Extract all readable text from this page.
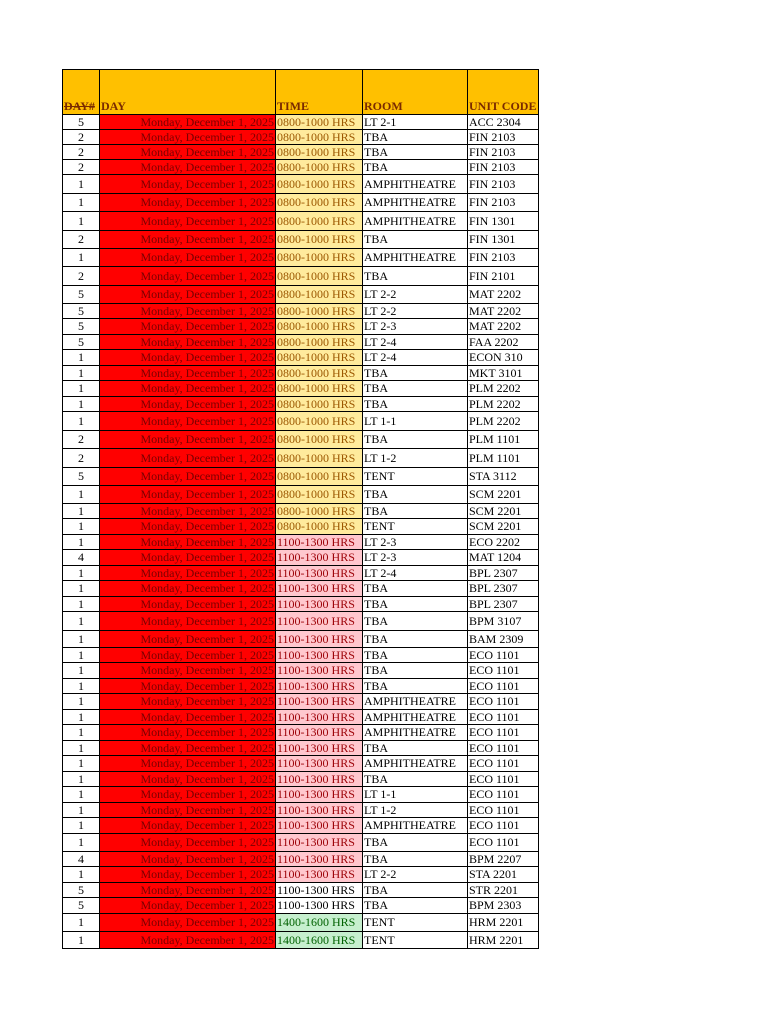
DAY#	DAY	TIME	ROOM	UNIT CODE
5	Monday, December 1, 2025	0800-1000 HRS	LT 2-1	ACC 2304
2	Monday, December 1, 2025	0800-1000 HRS	TBA	FIN 2103
2	Monday, December 1, 2025	0800-1000 HRS	TBA	FIN 2103
2	Monday, December 1, 2025	0800-1000 HRS	TBA	FIN 2103
1	Monday, December 1, 2025	0800-1000 HRS	AMPHITHEATRE	FIN 2103
1	Monday, December 1, 2025	0800-1000 HRS	AMPHITHEATRE	FIN 2103
1	Monday, December 1, 2025	0800-1000 HRS	AMPHITHEATRE	FIN 1301
2	Monday, December 1, 2025	0800-1000 HRS	TBA	FIN 1301
1	Monday, December 1, 2025	0800-1000 HRS	AMPHITHEATRE	FIN 2103
2	Monday, December 1, 2025	0800-1000 HRS	TBA	FIN 2101
5	Monday, December 1, 2025	0800-1000 HRS	LT 2-2	MAT 2202
5	Monday, December 1, 2025	0800-1000 HRS	LT 2-2	MAT 2202
5	Monday, December 1, 2025	0800-1000 HRS	LT 2-3	MAT 2202
5	Monday, December 1, 2025	0800-1000 HRS	LT 2-4	FAA 2202
1	Monday, December 1, 2025	0800-1000 HRS	LT 2-4	ECON 310
1	Monday, December 1, 2025	0800-1000 HRS	TBA	MKT 3101
1	Monday, December 1, 2025	0800-1000 HRS	TBA	PLM 2202
1	Monday, December 1, 2025	0800-1000 HRS	TBA	PLM 2202
1	Monday, December 1, 2025	0800-1000 HRS	LT 1-1	PLM 2202
2	Monday, December 1, 2025	0800-1000 HRS	TBA	PLM 1101
2	Monday, December 1, 2025	0800-1000 HRS	LT 1-2	PLM 1101
5	Monday, December 1, 2025	0800-1000 HRS	TENT	STA 3112
1	Monday, December 1, 2025	0800-1000 HRS	TBA	SCM 2201
1	Monday, December 1, 2025	0800-1000 HRS	TBA	SCM 2201
1	Monday, December 1, 2025	0800-1000 HRS	TENT	SCM 2201
1	Monday, December 1, 2025	1100-1300 HRS	LT 2-3	ECO 2202
4	Monday, December 1, 2025	1100-1300 HRS	LT 2-3	MAT 1204
1	Monday, December 1, 2025	1100-1300 HRS	LT 2-4	BPL 2307
1	Monday, December 1, 2025	1100-1300 HRS	TBA	BPL 2307
1	Monday, December 1, 2025	1100-1300 HRS	TBA	BPL 2307
1	Monday, December 1, 2025	1100-1300 HRS	TBA	BPM 3107
1	Monday, December 1, 2025	1100-1300 HRS	TBA	BAM 2309
1	Monday, December 1, 2025	1100-1300 HRS	TBA	ECO 1101
1	Monday, December 1, 2025	1100-1300 HRS	TBA	ECO 1101
1	Monday, December 1, 2025	1100-1300 HRS	TBA	ECO 1101
1	Monday, December 1, 2025	1100-1300 HRS	AMPHITHEATRE	ECO 1101
1	Monday, December 1, 2025	1100-1300 HRS	AMPHITHEATRE	ECO 1101
1	Monday, December 1, 2025	1100-1300 HRS	AMPHITHEATRE	ECO 1101
1	Monday, December 1, 2025	1100-1300 HRS	TBA	ECO 1101
1	Monday, December 1, 2025	1100-1300 HRS	AMPHITHEATRE	ECO 1101
1	Monday, December 1, 2025	1100-1300 HRS	TBA	ECO 1101
1	Monday, December 1, 2025	1100-1300 HRS	LT 1-1	ECO 1101
1	Monday, December 1, 2025	1100-1300 HRS	LT 1-2	ECO 1101
1	Monday, December 1, 2025	1100-1300 HRS	AMPHITHEATRE	ECO 1101
1	Monday, December 1, 2025	1100-1300 HRS	TBA	ECO 1101
4	Monday, December 1, 2025	1100-1300 HRS	TBA	BPM 2207
1	Monday, December 1, 2025	1100-1300 HRS	LT 2-2	STA 2201
5	Monday, December 1, 2025	1100-1300 HRS	TBA	STR 2201
5	Monday, December 1, 2025	1100-1300 HRS	TBA	BPM 2303
1	Monday, December 1, 2025	1400-1600 HRS	TENT	HRM 2201
1	Monday, December 1, 2025	1400-1600 HRS	TENT	HRM 2201
